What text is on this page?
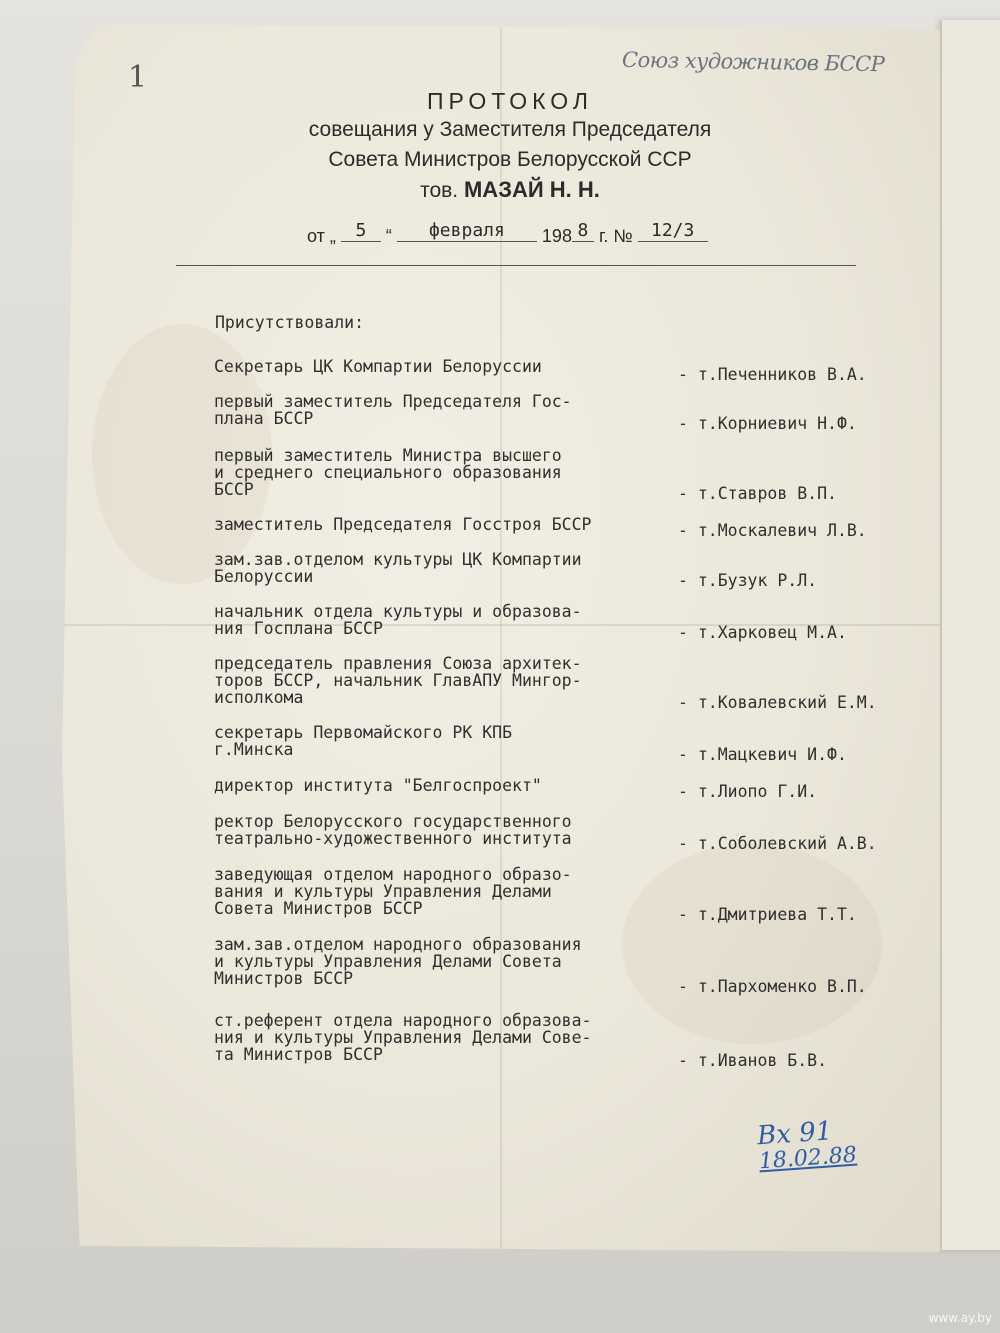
1	Союз художников БССР
ПРОТОКОЛ
совещания у Заместителя Председателя
Совета Министров Белорусской ССР
тов. МАЗАЙ Н. Н.
от „ 5 “ февраля 198 8 г. № 12/3
Присутствовали:
Секретарь ЦК Компартии Белоруссии	- т.Печенников В.А.
первый заместитель Председателя Гос-
плана БССР	- т.Корниевич Н.Ф.
первый заместитель Министра высшего
и среднего специального образования
БССР	- т.Ставров В.П.
заместитель Председателя Госстроя БССР	- т.Москалевич Л.В.
зам.зав.отделом культуры ЦК Компартии
Белоруссии	- т.Бузук Р.Л.
начальник отдела культуры и образова-
ния Госплана БССР	- т.Харковец М.А.
председатель правления Союза архитек-
торов БССР, начальник ГлавАПУ Мингор-
исполкома	- т.Ковалевский Е.М.
секретарь Первомайского РК КПБ
г.Минска	- т.Мацкевич И.Ф.
директор института "Белгоспроект"	- т.Лиопо Г.И.
ректор Белорусского государственного
театрально-художественного института	- т.Соболевский А.В.
заведующая отделом народного образо-
вания и культуры Управления Делами
Совета Министров БССР	- т.Дмитриева Т.Т.
зам.зав.отделом народного образования
и культуры Управления Делами Совета
Министров БССР	- т.Пархоменко В.П.
ст.референт отдела народного образова-
ния и культуры Управления Делами Сове-
та Министров БССР	- т.Иванов Б.В.
Вх 91
18.02.88
www.ay.by
